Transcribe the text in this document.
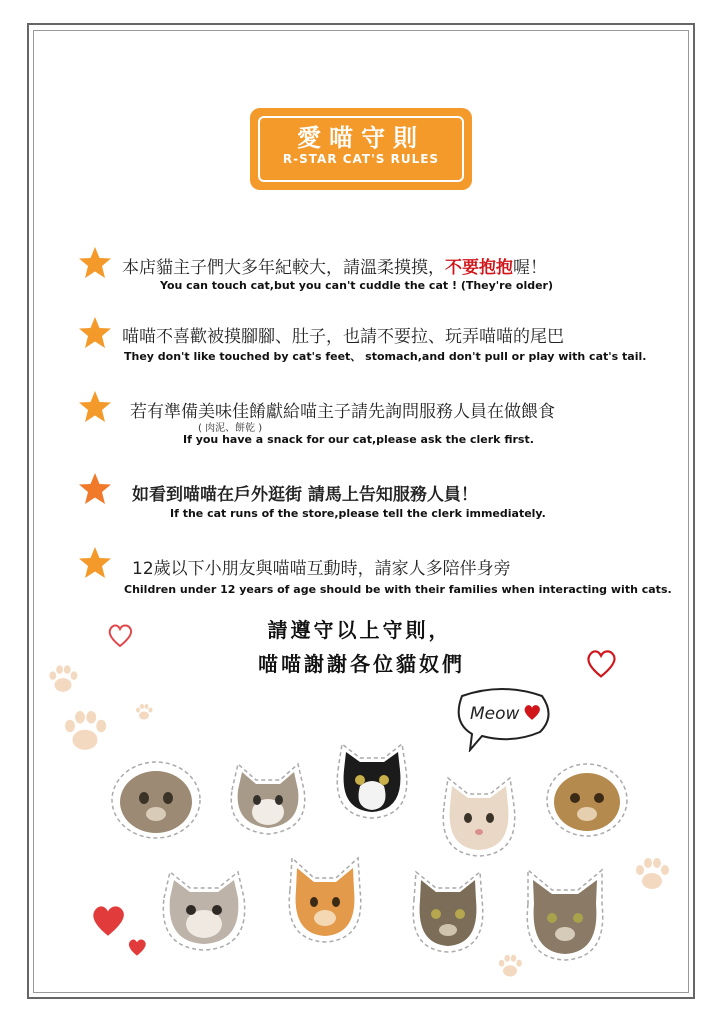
愛喵守則
R-STAR CAT'S RULES
本店貓主子們大多年紀較大，請溫柔摸摸，不要抱抱喔！
You can touch cat,but you can't cuddle the cat ! (They're older)
喵喵不喜歡被摸腳腳、肚子，也請不要拉、玩弄喵喵的尾巴
They don't like touched by cat's feet、 stomach,and don't pull or play with cat's tail.
若有準備美味佳餚獻給喵主子請先詢問服務人員在做餵食
( 肉泥、餅乾 )
If you have a snack for our cat,please ask the clerk first.
如看到喵喵在戶外逛街 請馬上告知服務人員！
If the cat runs of the store,please tell the clerk immediately.
12歲以下小朋友與喵喵互動時，請家人多陪伴身旁
Children under 12 years of age should be with their families when interacting with cats.
請遵守以上守則，
喵喵謝謝各位貓奴們
Meow
